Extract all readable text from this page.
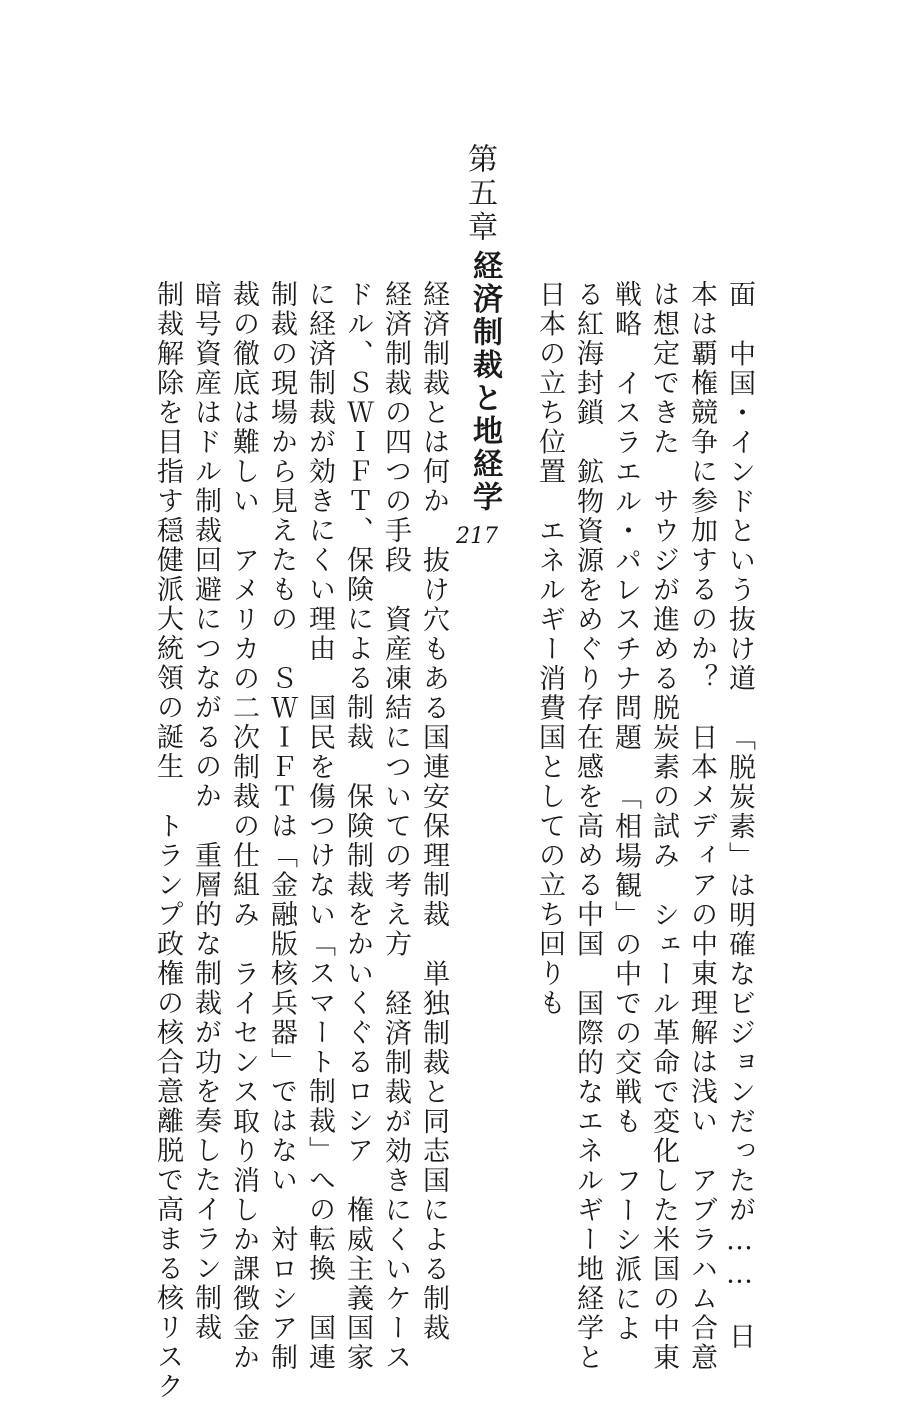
面中国・インドという抜け道「脱炭素」は明確なビジョンだったが……日
本は覇権競争に参加するのか？日本メディアの中東理解は浅いアブラハム合意
は想定できたサウジが進める脱炭素の試みシェール革命で変化した米国の中東
戦略イスラエル・パレスチナ問題「相場観」の中での交戦もフーシ派によ
る紅海封鎖鉱物資源をめぐり存在感を高める中国国際的なエネルギー地経学と
日本の立ち位置エネルギー消費国としての立ち回りも
第五章
経済制裁と地経学
217
経済制裁とは何か抜け穴もある国連安保理制裁単独制裁と同志国による制裁
経済制裁の四つの手段資産凍結についての考え方経済制裁が効きにくいケース
ドル、ＳＷＩＦＴ、保険による制裁保険制裁をかいくぐるロシア権威主義国家
に経済制裁が効きにくい理由国民を傷つけない「スマート制裁」への転換国連
制裁の現場から見えたものＳＷＩＦＴは「金融版核兵器」ではない対ロシア制
裁の徹底は難しいアメリカの二次制裁の仕組みライセンス取り消しか課徴金か
暗号資産はドル制裁回避につながるのか重層的な制裁が功を奏したイラン制裁
制裁解除を目指す穏健派大統領の誕生トランプ政権の核合意離脱で高まる核リスク
